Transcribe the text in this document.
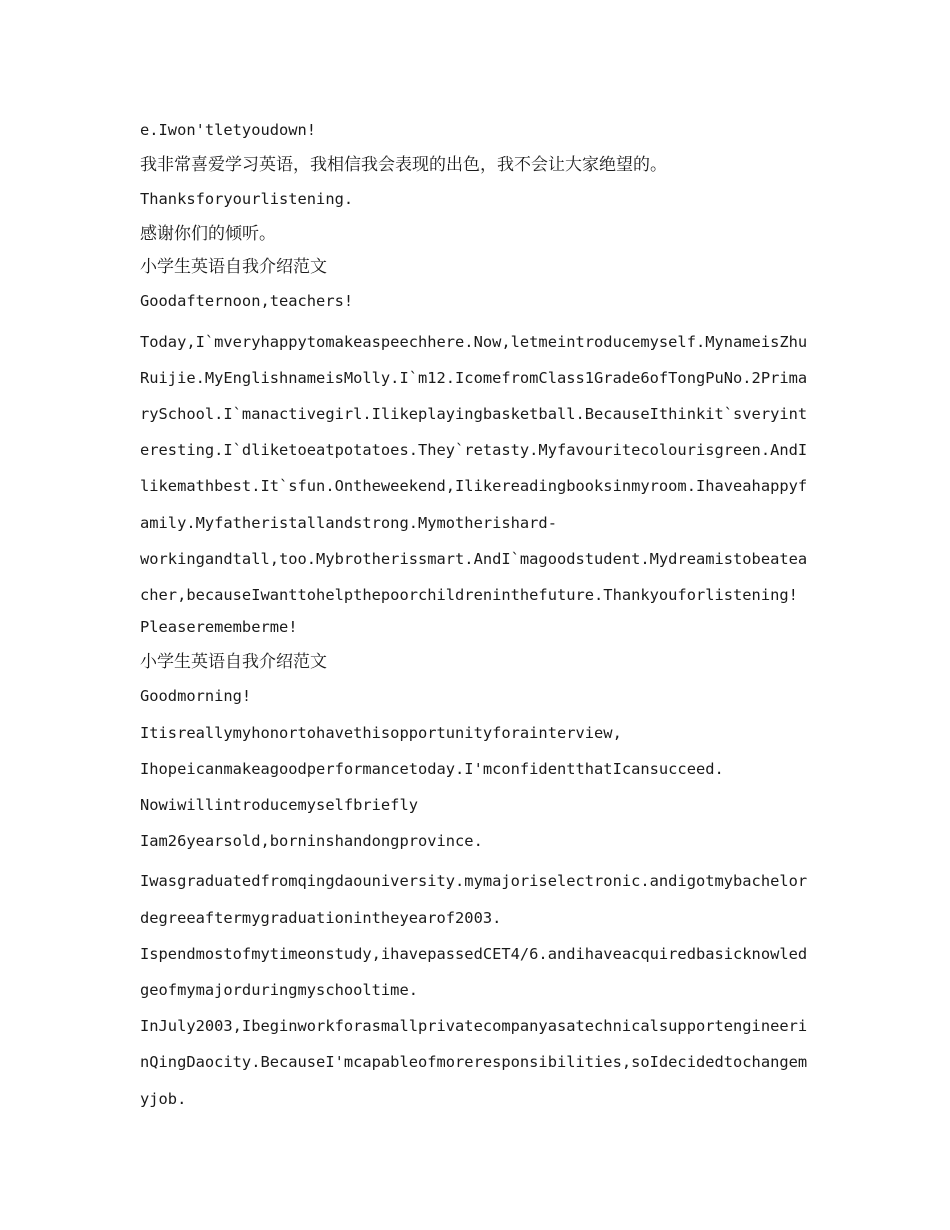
e.Iwon'tletyoudown!
我非常喜爱学习英语，我相信我会表现的出色，我不会让大家绝望的。
Thanksforyourlistening.
感谢你们的倾听。
小学生英语自我介绍范文
Goodafternoon,teachers!
Today,I`mveryhappytomakeaspeechhere.Now,letmeintroducemyself.MynameisZhuRuijie.MyEnglishnameisMolly.I`m12.IcomefromClass1Grade6ofTongPuNo.2PrimarySchool.I`manactivegirl.Ilikeplayingbasketball.BecauseIthinkit`sveryinteresting.I`dliketoeatpotatoes.They`retasty.Myfavouritecolourisgreen.AndIlikemathbest.It`sfun.Ontheweekend,Ilikereadingbooksinmyroom.Ihaveahappyfamily.Myfatheristallandstrong.Mymotherishard-
workingandtall,too.Mybrotherissmart.AndI`magoodstudent.Mydreamistobeateacher,becauseIwanttohelpthepoorchildreninthefuture.Thankyouforlistening!
Pleaserememberme!
小学生英语自我介绍范文
Goodmorning!
Itisreallymyhonortohavethisopportunityforainterview,
Ihopeicanmakeagoodperformancetoday.I'mconfidentthatIcansucceed.
Nowiwillintroducemyselfbriefly
Iam26yearsold,borninshandongprovince.
Iwasgraduatedfromqingdaouniversity.mymajoriselectronic.andigotmybachelordegreeaftermygraduationintheyearof2003.
Ispendmostofmytimeonstudy,ihavepassedCET4/6.andihaveacquiredbasicknowledgeofmymajorduringmyschooltime.
InJuly2003,IbeginworkforasmallprivatecompanyasatechnicalsupportengineerinQingDaocity.BecauseI'mcapableofmoreresponsibilities,soIdecidedtochangemyjob.
